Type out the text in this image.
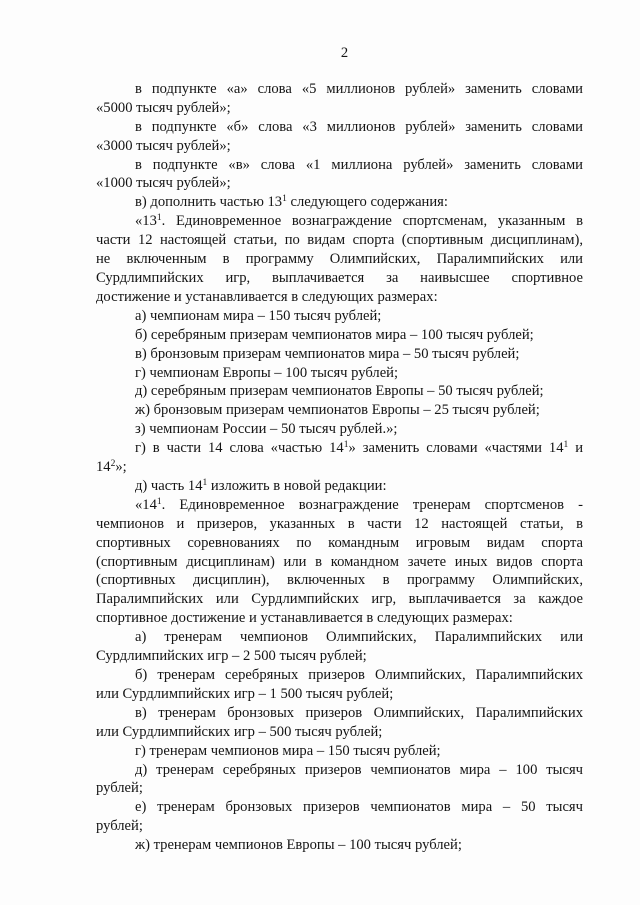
2

в подпункте «а» слова «5 миллионов рублей» заменить словами
«5000 тысяч рублей»;

в подпункте «б» слова «3 миллионов рублей» заменить словами
«3000 тысяч рублей»;

в подпункте «в» слова «1 миллиона рублей» заменить словами
«1000 тысяч рублей»;

в) дополнить частью $13^1$ следующего содержания:

«$13^1$. Единовременное вознаграждение спортсменам, указанным в
части 12 настоящей статьи, по видам спорта (спортивным дисциплинам),
не включенным в программу Олимпийских, Паралимпийских или
Сурдлимпийских игр, выплачивается за наивысшее спортивное
достижение и устанавливается в следующих размерах:

а) чемпионам мира – 150 тысяч рублей;

б) серебряным призерам чемпионатов мира – 100 тысяч рублей;

в) бронзовым призерам чемпионатов мира – 50 тысяч рублей;

г) чемпионам Европы – 100 тысяч рублей;

д) серебряным призерам чемпионатов Европы – 50 тысяч рублей;

ж) бронзовым призерам чемпионатов Европы – 25 тысяч рублей;

з) чемпионам России – 50 тысяч рублей.»;

г) в части 14 слова «частью $14^1$» заменить словами «частями $14^1$ и
$14^2$»;

д) часть $14^1$ изложить в новой редакции:

«$14^1$. Единовременное вознаграждение тренерам спортсменов -
чемпионов и призеров, указанных в части 12 настоящей статьи, в
спортивных соревнованиях по командным игровым видам спорта
(спортивным дисциплинам) или в командном зачете иных видов спорта
(спортивных дисциплин), включенных в программу Олимпийских,
Паралимпийских или Сурдлимпийских игр, выплачивается за каждое
спортивное достижение и устанавливается в следующих размерах:

а) тренерам чемпионов Олимпийских, Паралимпийских или
Сурдлимпийских игр – 2 500 тысяч рублей;

б) тренерам серебряных призеров Олимпийских, Паралимпийских
или Сурдлимпийских игр – 1 500 тысяч рублей;

в) тренерам бронзовых призеров Олимпийских, Паралимпийских
или Сурдлимпийских игр – 500 тысяч рублей;

г) тренерам чемпионов мира – 150 тысяч рублей;

д) тренерам серебряных призеров чемпионатов мира – 100 тысяч
рублей;

е) тренерам бронзовых призеров чемпионатов мира – 50 тысяч
рублей;

ж) тренерам чемпионов Европы – 100 тысяч рублей;
